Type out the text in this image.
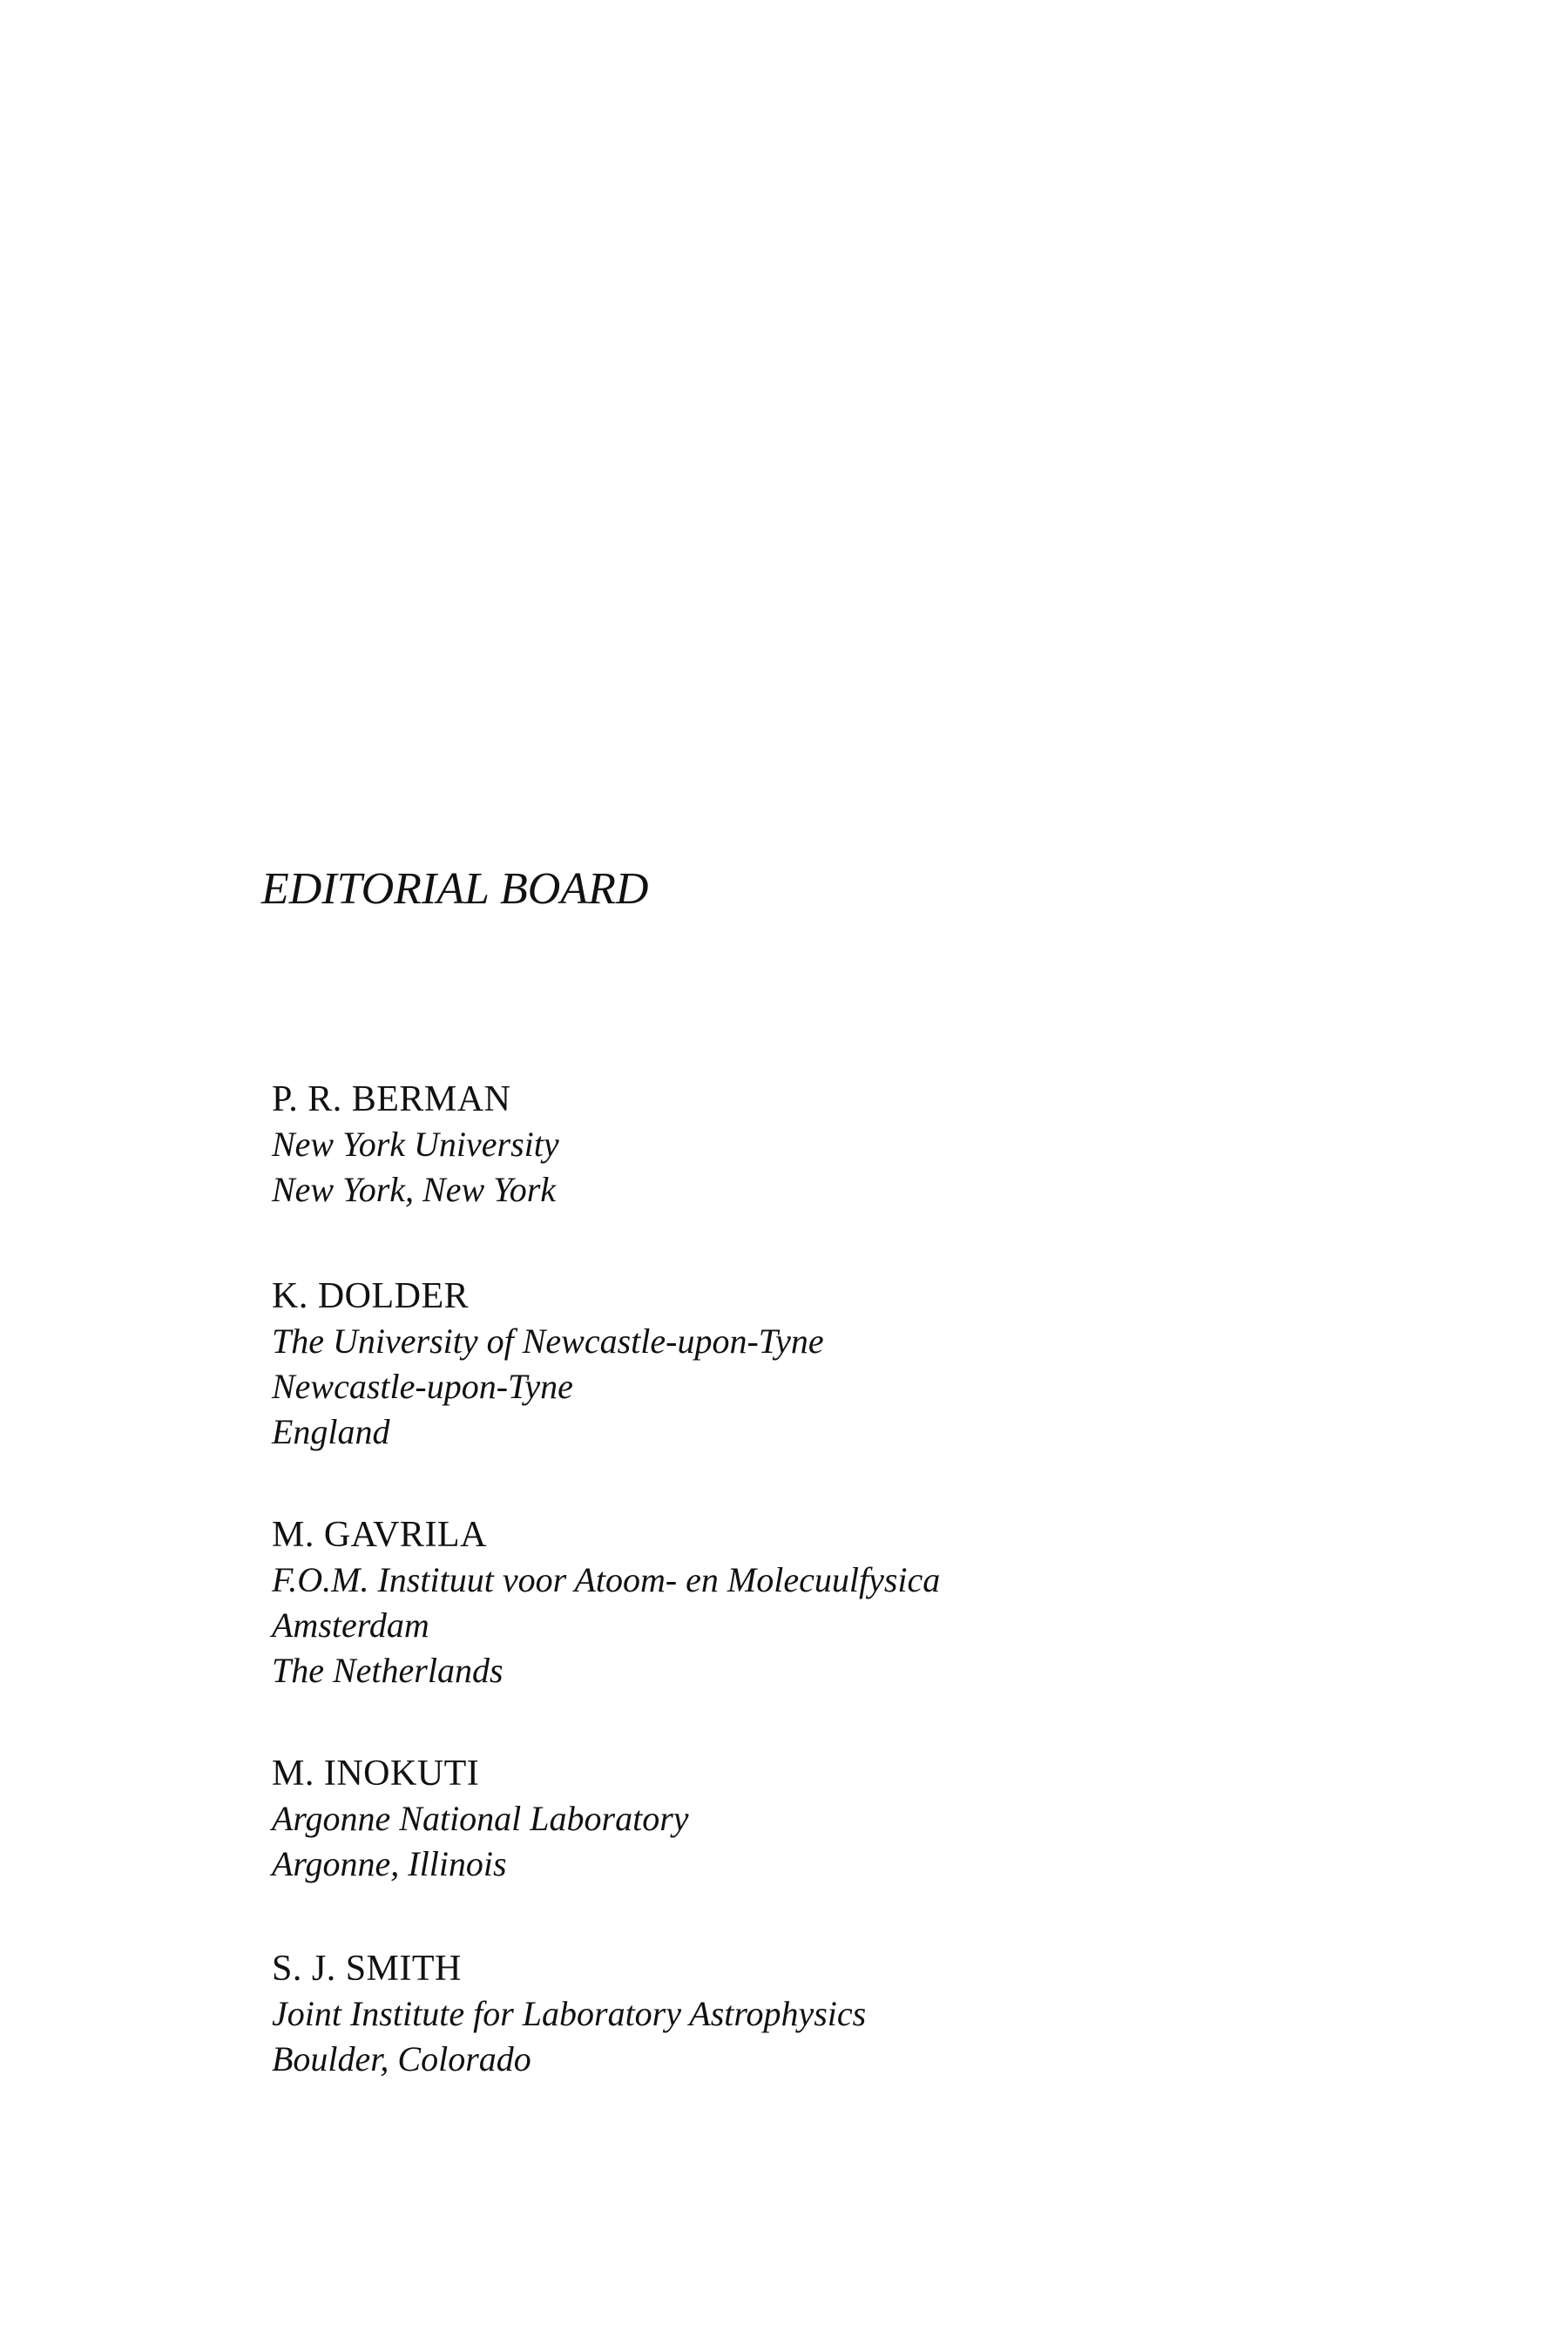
EDITORIAL BOARD
P. R. BERMAN
New York University
New York, New York
K. DOLDER
The University of Newcastle-upon-Tyne
Newcastle-upon-Tyne
England
M. GAVRILA
F.O.M. Instituut voor Atoom- en Molecuulfysica
Amsterdam
The Netherlands
M. INOKUTI
Argonne National Laboratory
Argonne, Illinois
S. J. SMITH
Joint Institute for Laboratory Astrophysics
Boulder, Colorado
